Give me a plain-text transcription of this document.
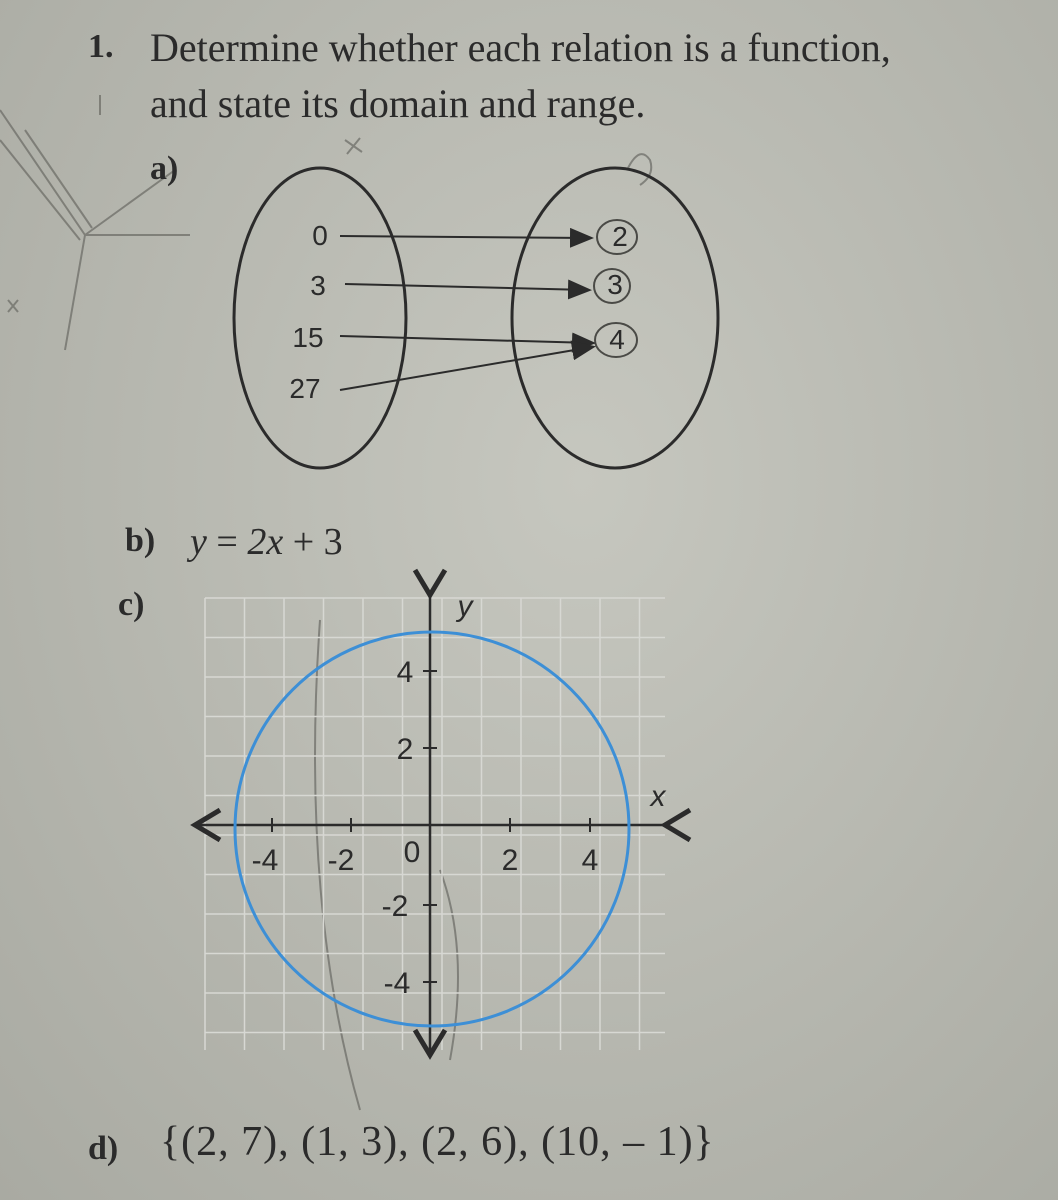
1. Determine whether each relation is a function,
and state its domain and range.
a)
0
3
15
27
2
3
4
b) y = 2x + 3
c)
-4 -2	2 4
4
2
-2
-4
0
x
y
d) {(2, 7), (1, 3), (2, 6), (10, – 1)}
